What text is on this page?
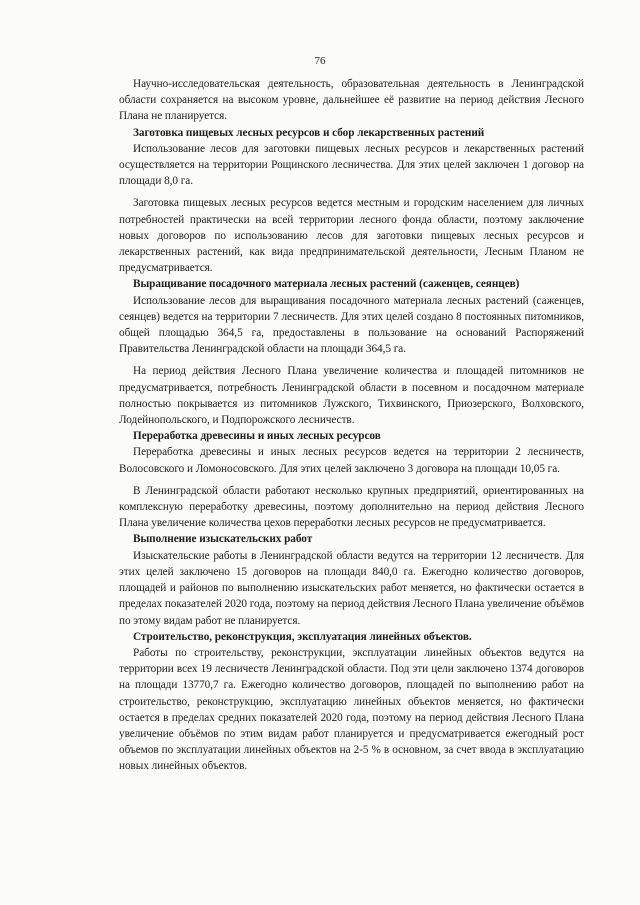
76

Научно-исследовательская деятельность, образовательная деятельность в Ленинградской области сохраняется на высоком уровне, дальнейшее её развитие на период действия Лесного Плана не планируется.

Заготовка пищевых лесных ресурсов и сбор лекарственных растений

Использование лесов для заготовки пищевых лесных ресурсов и лекарственных растений осуществляется на территории Рощинского лесничества. Для этих целей заключен 1 договор на площади 8,0 га.

Заготовка пищевых лесных ресурсов ведется местным и городским населением для личных потребностей практически на всей территории лесного фонда области, поэтому заключение новых договоров по использованию лесов для заготовки пищевых лесных ресурсов и лекарственных растений, как вида предпринимательской деятельности, Лесным Планом не предусматривается.

Выращивание посадочного материала лесных растений (саженцев, сеянцев)

Использование лесов для выращивания посадочного материала лесных растений (саженцев, сеянцев) ведется на территории 7 лесничеств. Для этих целей создано 8 постоянных питомников, общей площадью 364,5 га, предоставлены в пользование на оснований Распоряжений Правительства Ленинградской области на площади 364,5 га.

На период действия Лесного Плана увеличение количества и площадей питомников не предусматривается, потребность Ленинградской области в посевном и посадочном материале полностью покрывается из питомников Лужского, Тихвинского, Приозерского, Волховского, Лодейнопольского, и Подпорожского лесничеств.

Переработка древесины и иных лесных ресурсов

Переработка древесины и иных лесных ресурсов ведется на территории 2 лесничеств, Волосовского и Ломоносовского. Для этих целей заключено 3 договора на площади 10,05 га.

В Ленинградской области работают несколько крупных предприятий, ориентированных на комплексную переработку древесины, поэтому дополнительно на период действия Лесного Плана увеличение количества цехов переработки лесных ресурсов не предусматривается.

Выполнение изыскательских работ

Изыскательские работы в Ленинградской области ведутся на территории 12 лесничеств. Для этих целей заключено 15 договоров на площади 840,0 га. Ежегодно количество договоров, площадей и районов по выполнению изыскательских работ меняется, но фактически остается в пределах показателей 2020 года, поэтому на период действия Лесного Плана увеличение объёмов по этому видам работ не планируется.

Строительство, реконструкция, эксплуатация линейных объектов.

Работы по строительству, реконструкции, эксплуатации линейных объектов ведутся на территории всех 19 лесничеств Ленинградской области. Под эти цели заключено 1374 договоров на площади 13770,7 га. Ежегодно количество договоров, площадей по выполнению работ на строительство, реконструкцию, эксплуатацию линейных объектов меняется, но фактически остается в пределах средних показателей 2020 года, поэтому на период действия Лесного Плана увеличение объёмов по этим видам работ планируется и предусматривается ежегодный рост объемов по эксплуатации линейных объектов на 2-5 % в основном, за счет ввода в эксплуатацию новых линейных объектов.
